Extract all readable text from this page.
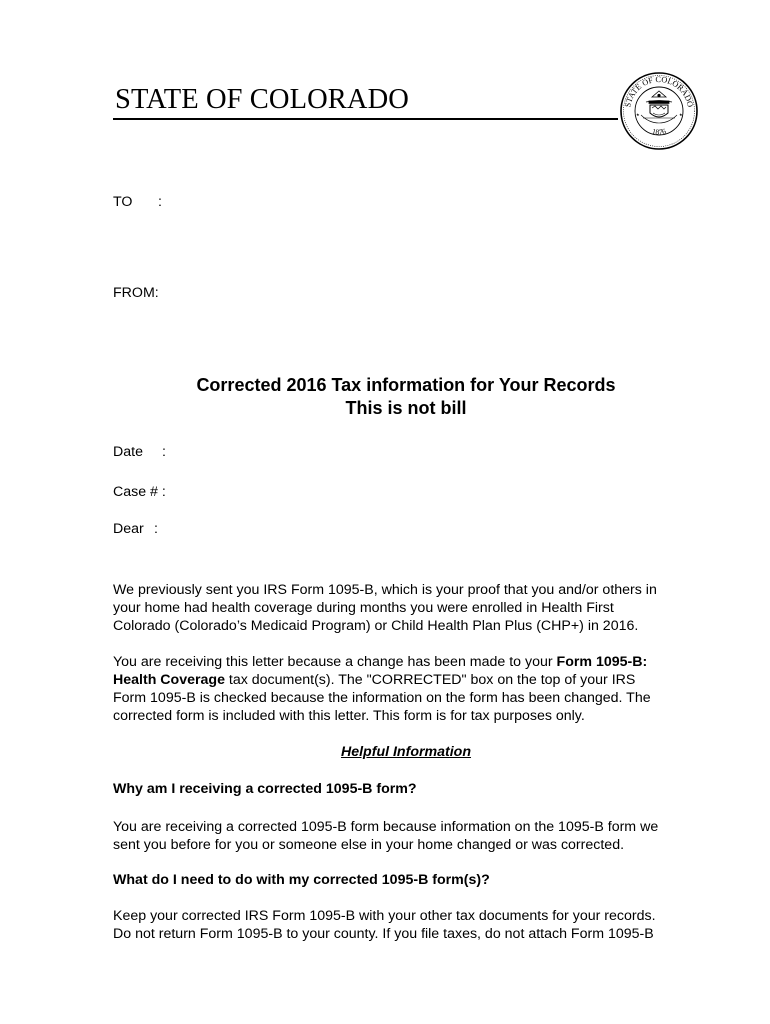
STATE OF COLORADO	STATE OF COLORADO
1876
★	★
TO :
FROM:
Corrected 2016 Tax information for Your Records
This is not bill
Date :
Case # :
Dear :
We previously sent you IRS Form 1095-B, which is your proof that you and/or others in
your home had health coverage during months you were enrolled in Health First
Colorado (Colorado’s Medicaid Program) or Child Health Plan Plus (CHP+) in 2016.
You are receiving this letter because a change has been made to your Form 1095-B:
Health Coverage tax document(s). The "CORRECTED" box on the top of your IRS
Form 1095-B is checked because the information on the form has been changed. The
corrected form is included with this letter. This form is for tax purposes only.
Helpful Information
Why am I receiving a corrected 1095-B form?
You are receiving a corrected 1095-B form because information on the 1095-B form we
sent you before for you or someone else in your home changed or was corrected.
What do I need to do with my corrected 1095-B form(s)?
Keep your corrected IRS Form 1095-B with your other tax documents for your records.
Do not return Form 1095-B to your county. If you file taxes, do not attach Form 1095-B
